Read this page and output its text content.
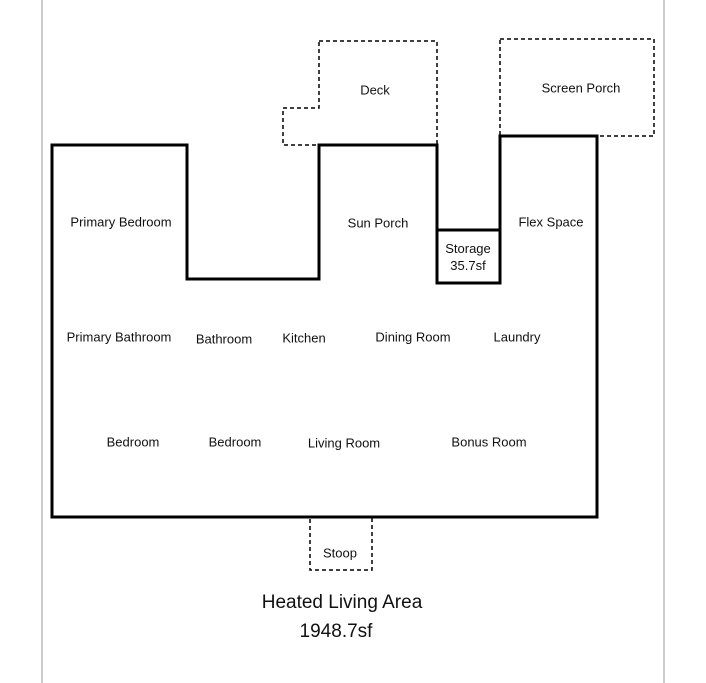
Primary Bedroom	Sun Porch	Flex Space
Primary Bathroom Bathroom Kitchen	Dining Room	Laundry
Bedroom	Bedroom	Living Room	Bonus Room
Storage
35.7sf
Deck	Screen Porch
Stoop
Heated Living Area
1948.7sf
